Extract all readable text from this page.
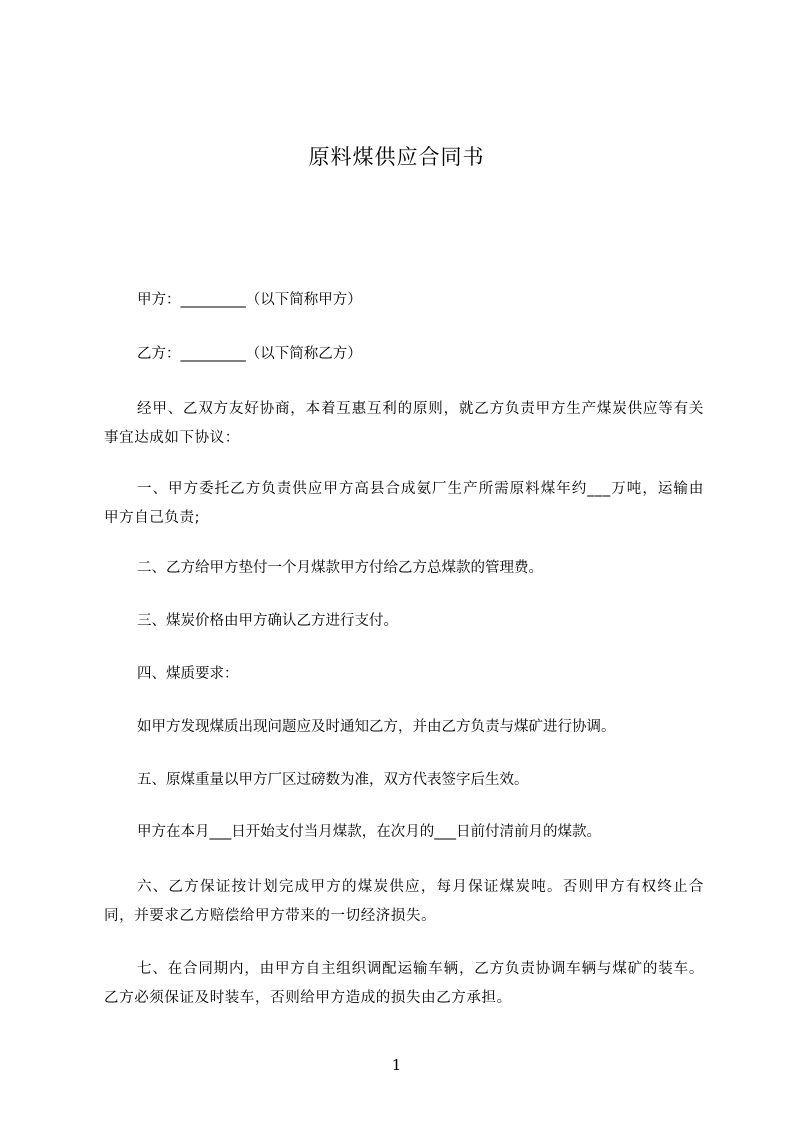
原料煤供应合同书
甲方：_________（以下简称甲方）
乙方：_________（以下简称乙方）
经甲、乙双方友好协商，本着互惠互利的原则，就乙方负责甲方生产煤炭供应等有关事宜达成如下协议：
一、甲方委托乙方负责供应甲方高县合成氨厂生产所需原料煤年约___万吨，运输由甲方自己负责;
二、乙方给甲方垫付一个月煤款甲方付给乙方总煤款的管理费。
三、煤炭价格由甲方确认乙方进行支付。
四、煤质要求：
如甲方发现煤质出现问题应及时通知乙方，并由乙方负责与煤矿进行协调。
五、原煤重量以甲方厂区过磅数为准，双方代表签字后生效。
甲方在本月___日开始支付当月煤款，在次月的___日前付清前月的煤款。
六、乙方保证按计划完成甲方的煤炭供应，每月保证煤炭吨。否则甲方有权终止合同，并要求乙方赔偿给甲方带来的一切经济损失。
七、在合同期内，由甲方自主组织调配运输车辆，乙方负责协调车辆与煤矿的装车。乙方必须保证及时装车，否则给甲方造成的损失由乙方承担。
1
